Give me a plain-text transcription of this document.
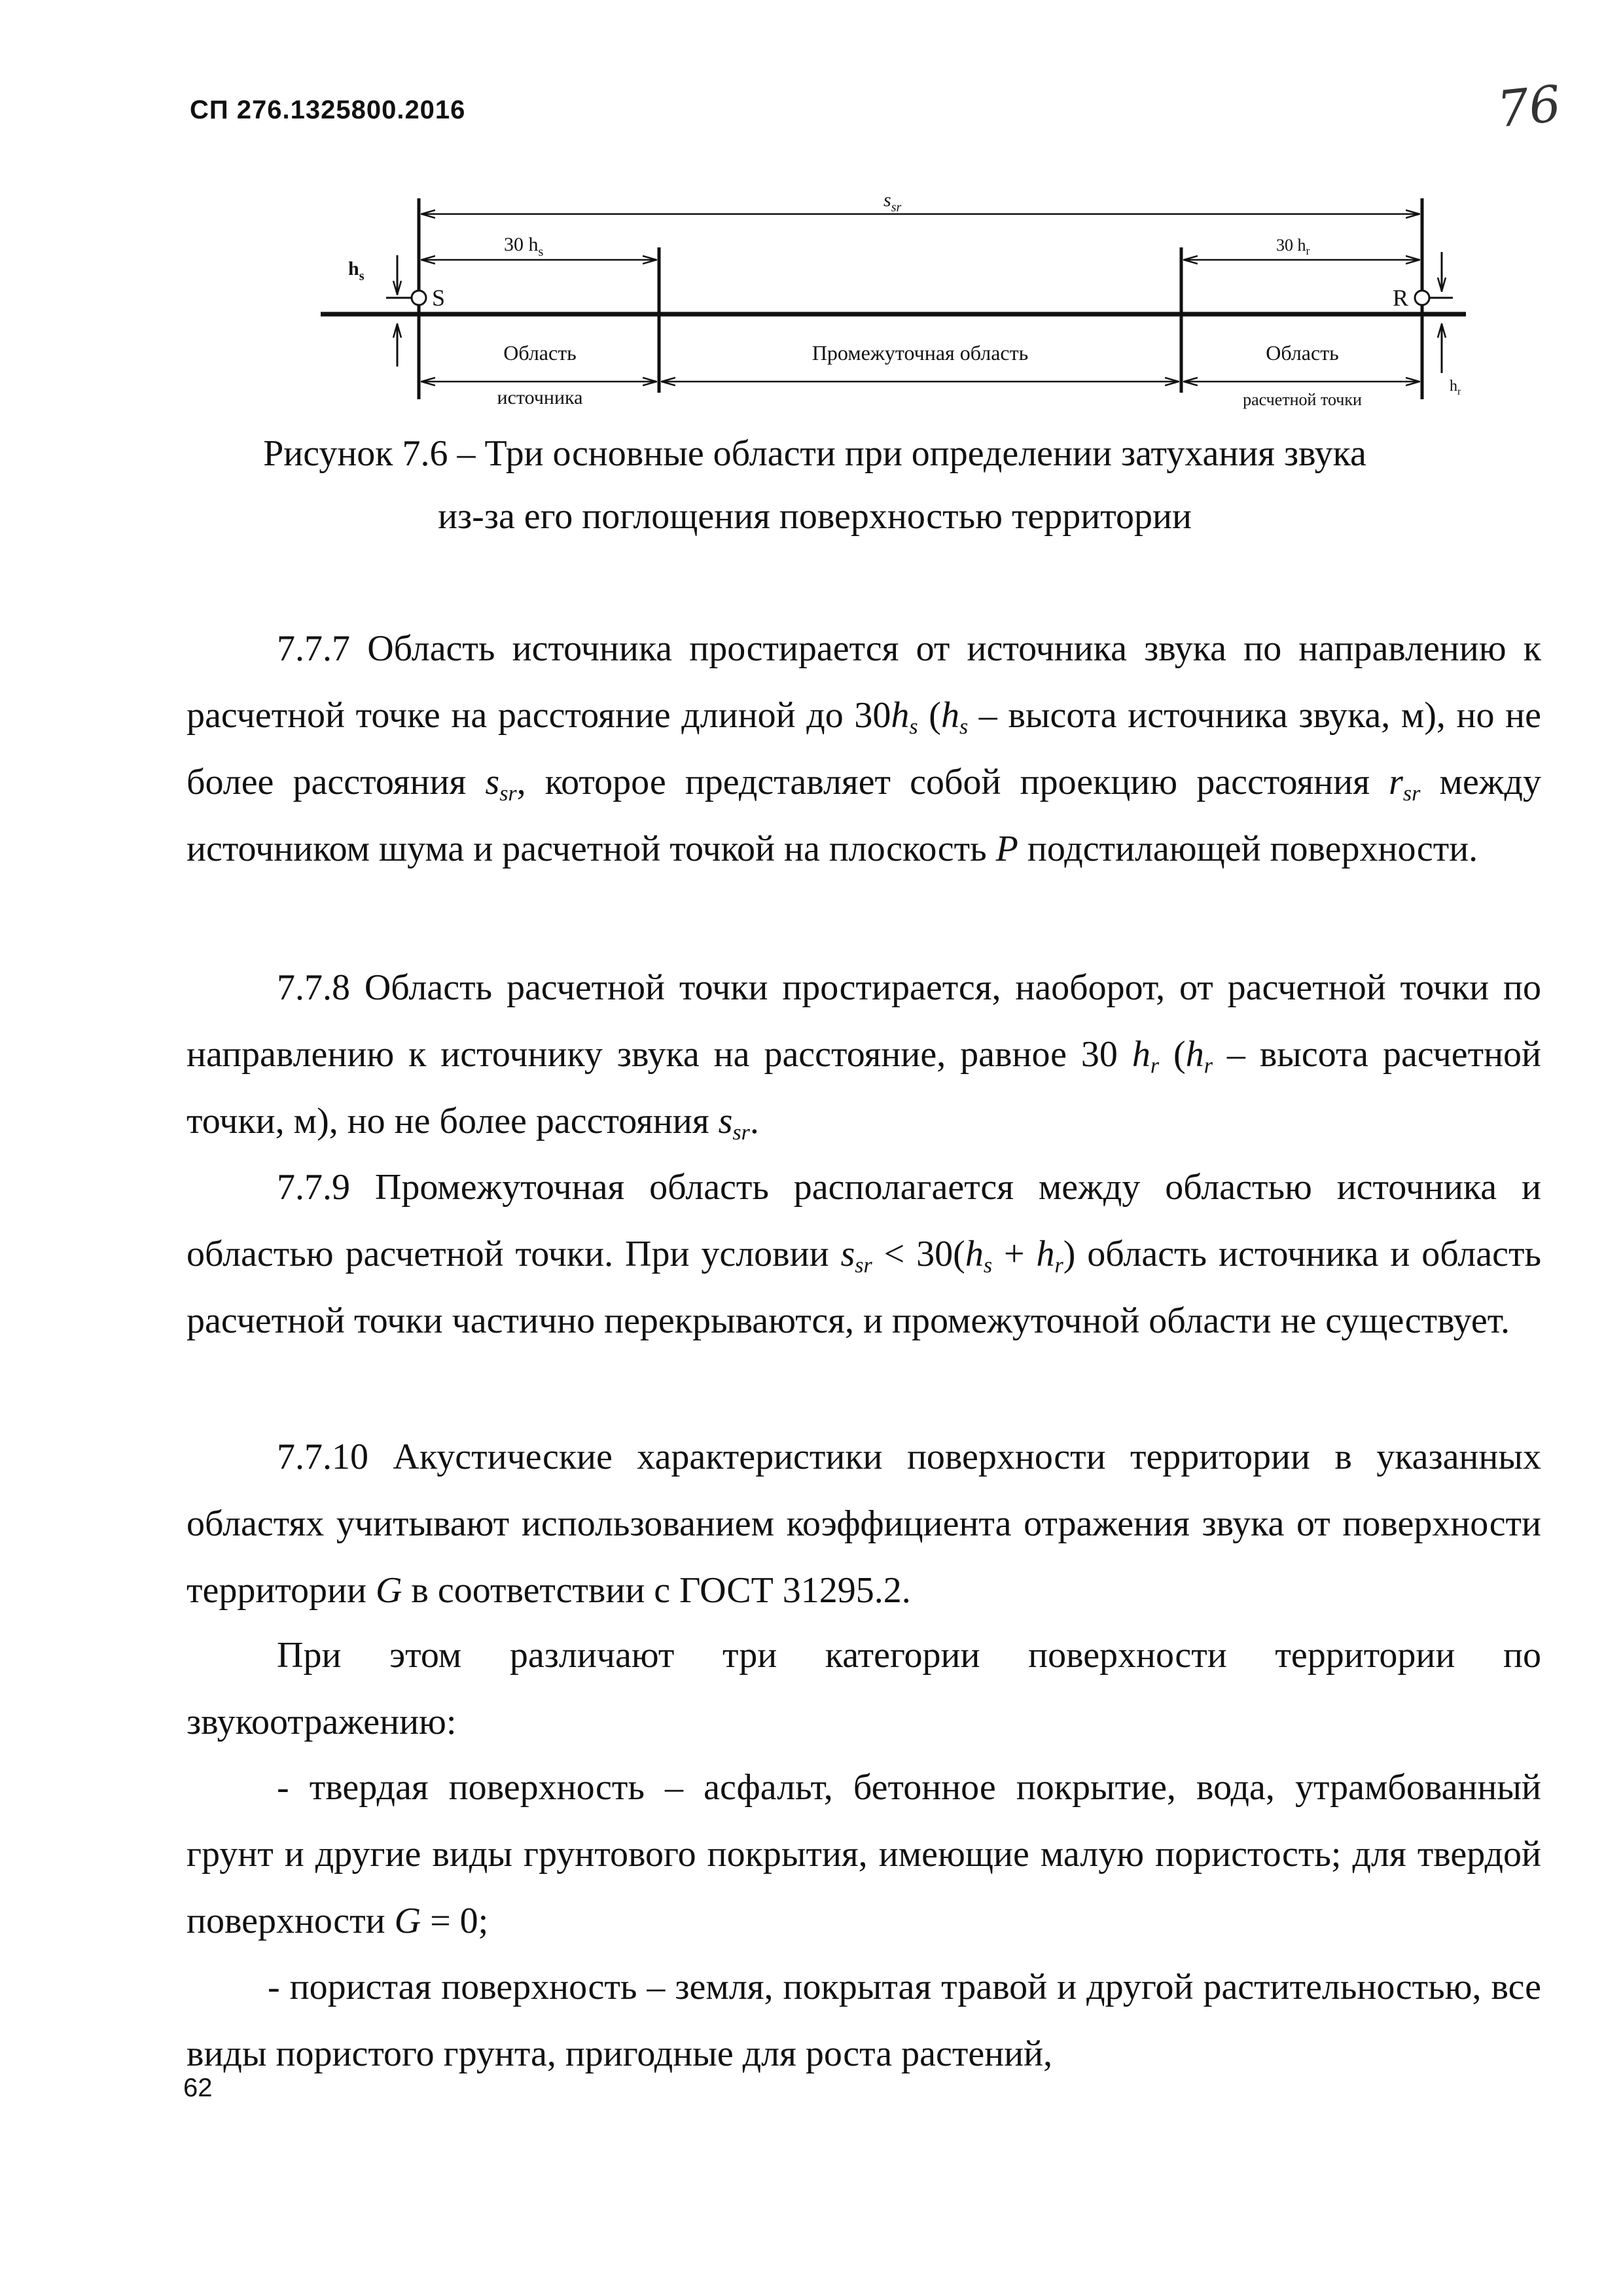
СП 276.1325800.2016	76
$s_{sr}$
30 $h_s$	30 $h_r$
$h_s$
S	R
$h_r$
Область	Промежуточная область	Область
источника	расчетной точки
Рисунок 7.6 – Три основные области при определении затухания звука
из-за его поглощения поверхностью территории
7.7.7 Область источника простирается от источника звука по направлению к расчетной точке на расстояние длиной до $30h_s$ ($h_s$ – высота источника звука, м), но не более расстояния $s_{sr}$, которое представляет собой проекцию расстояния $r_{sr}$ между источником шума и расчетной точкой на плоскость P подстилающей поверхности.
7.7.8 Область расчетной точки простирается, наоборот, от расчетной точки по направлению к источнику звука на расстояние, равное 30 $h_r$ ($h_r$ – высота расчетной точки, м), но не более расстояния $s_{sr}$.
7.7.9 Промежуточная область располагается между областью источника и областью расчетной точки. При условии $s_{sr} < 30(h_s + h_r)$ область источника и область расчетной точки частично перекрываются, и промежуточной области не существует.
7.7.10 Акустические характеристики поверхности территории в указанных областях учитывают использованием коэффициента отражения звука от поверхности территории G в соответствии с ГОСТ 31295.2.
При этом различают три категории поверхности территории по звукоотражению:
- твердая поверхность – асфальт, бетонное покрытие, вода, утрамбованный грунт и другие виды грунтового покрытия, имеющие малую пористость; для твердой поверхности G = 0;
- пористая поверхность – земля, покрытая травой и другой растительностью, все виды пористого грунта, пригодные для роста растений,
62
